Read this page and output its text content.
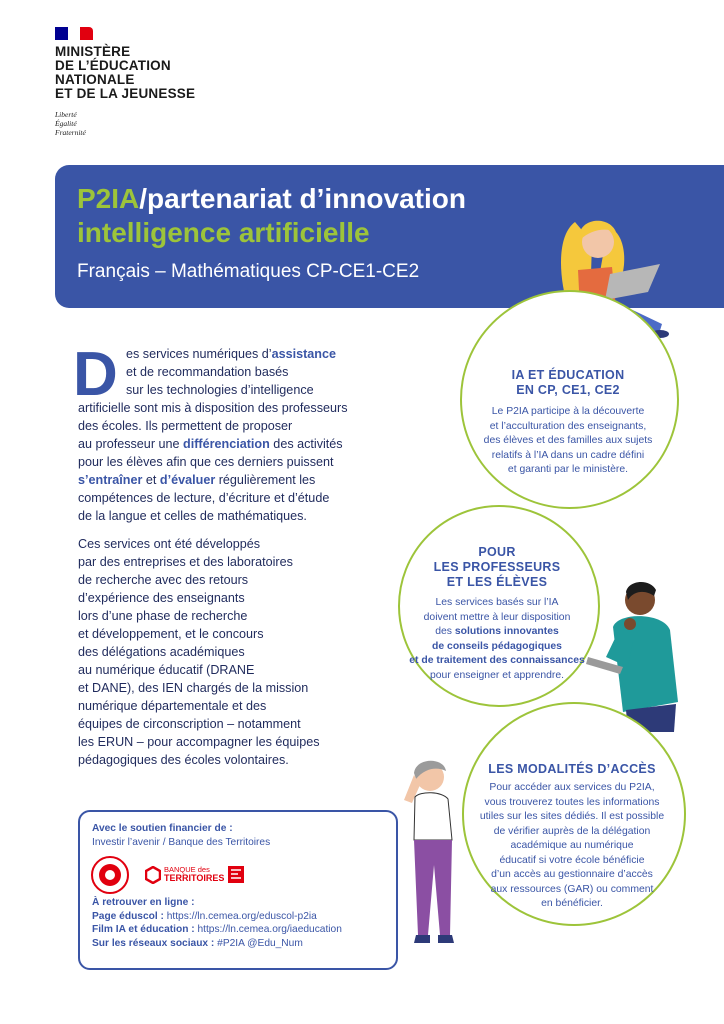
MINISTÈRE
DE L’ÉDUCATION
NATIONALE
ET DE LA JEUNESSE
Liberté
Égalité
Fraternité
P2IA/partenariat d’innovation
intelligence artificielle
Français – Mathématiques CP-CE1-CE2
D es services numériques d’assistance
et de recommandation basés
sur les technologies d’intelligence
artificielle sont mis à disposition des professeurs
des écoles. Ils permettent de proposer
au professeur une différenciation des activités
pour les élèves afin que ces derniers puissent
s’entraîner et d’évaluer régulièrement les
compétences de lecture, d’écriture et d’étude
de la langue et celles de mathématiques.
Ces services ont été développés
par des entreprises et des laboratoires
de recherche avec des retours
d’expérience des enseignants
lors d’une phase de recherche
et développement, et le concours
des délégations académiques
au numérique éducatif (DRANE
et DANE), des IEN chargés de la mission
numérique départementale et des
équipes de circonscription – notamment
les ERUN – pour accompagner les équipes
pédagogiques des écoles volontaires.
IA ET ÉDUCATION
EN CP, CE1, CE2
Le P2IA participe à la découverte
et l’acculturation des enseignants,
des élèves et des familles aux sujets
relatifs à l’IA dans un cadre défini
et garanti par le ministère.
POUR
LES PROFESSEURS
ET LES ÉLÈVES
Les services basés sur l’IA
doivent mettre à leur disposition
des solutions innovantes
de conseils pédagogiques
et de traitement des connaissances
pour enseigner et apprendre.
LES MODALITÉS D’ACCÈS
Pour accéder aux services du P2IA,
vous trouverez toutes les informations
utiles sur les sites dédiés. Il est possible
de vérifier auprès de la délégation
académique au numérique
éducatif si votre école bénéficie
d’un accès au gestionnaire d’accès
aux ressources (GAR) ou comment
en bénéficier.
Avec le soutien financier de :
Investir l’avenir / Banque des Territoires
BANQUE des
TERRITOIRES
À retrouver en ligne :
Page éduscol : https://ln.cemea.org/eduscol-p2ia
Film IA et éducation : https://ln.cemea.org/iaeducation
Sur les réseaux sociaux : #P2IA @Edu_Num
